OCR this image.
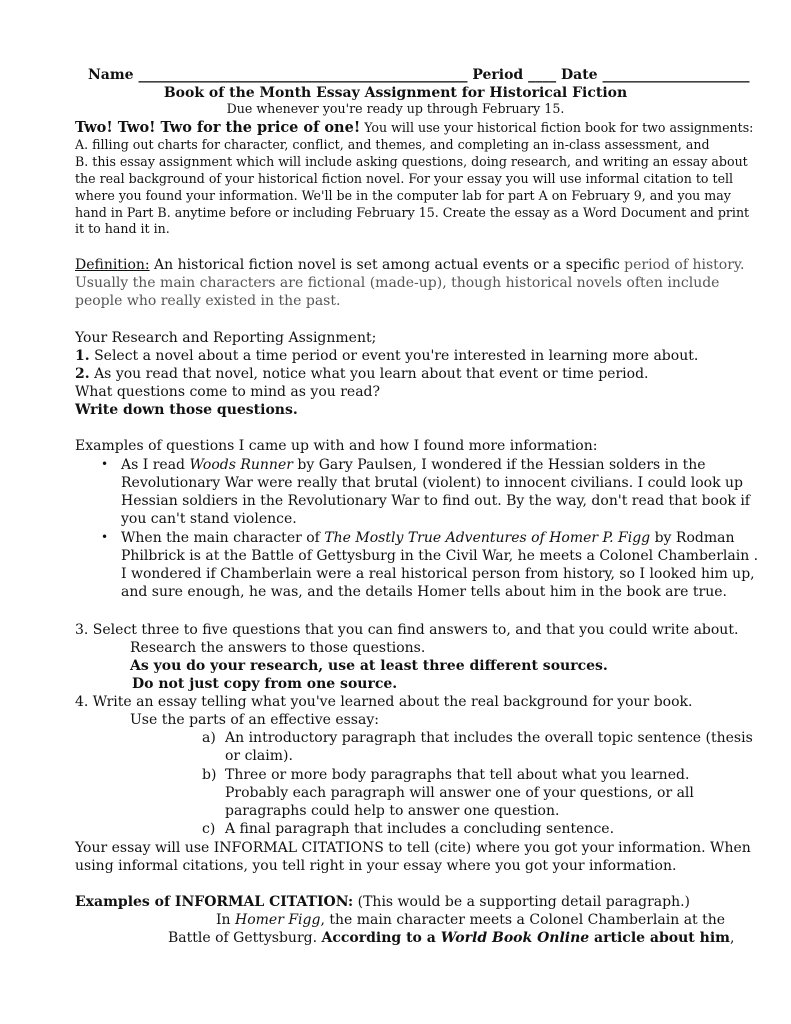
Name _______________________________________________ Period ____ Date _____________________
Book of the Month Essay Assignment for Historical Fiction
Due whenever you're ready up through February 15.
Two! Two! Two for the price of one! You will use your historical fiction book for two assignments:
A. filling out charts for character, conflict, and themes, and completing an in-class assessment, and
B. this essay assignment which will include asking questions, doing research, and writing an essay about
the real background of your historical fiction novel. For your essay you will use informal citation to tell
where you found your information. We'll be in the computer lab for part A on February 9, and you may
hand in Part B. anytime before or including February 15. Create the essay as a Word Document and print
it to hand it in.
Definition: An historical fiction novel is set among actual events or a specific period of history.
Usually the main characters are fictional (made-up), though historical novels often include
people who really existed in the past.
Your Research and Reporting Assignment;
1. Select a novel about a time period or event you're interested in learning more about.
2. As you read that novel, notice what you learn about that event or time period.
What questions come to mind as you read?
Write down those questions.
Examples of questions I came up with and how I found more information:
• As I read Woods Runner by Gary Paulsen, I wondered if the Hessian solders in the
Revolutionary War were really that brutal (violent) to innocent civilians. I could look up
Hessian soldiers in the Revolutionary War to find out. By the way, don't read that book if
you can't stand violence.
• When the main character of The Mostly True Adventures of Homer P. Figg by Rodman
Philbrick is at the Battle of Gettysburg in the Civil War, he meets a Colonel Chamberlain .
I wondered if Chamberlain were a real historical person from history, so I looked him up,
and sure enough, he was, and the details Homer tells about him in the book are true.
3. Select three to five questions that you can find answers to, and that you could write about.
Research the answers to those questions.
As you do your research, use at least three different sources.
Do not just copy from one source.
4. Write an essay telling what you've learned about the real background for your book.
Use the parts of an effective essay:
a) An introductory paragraph that includes the overall topic sentence (thesis
or claim).
b) Three or more body paragraphs that tell about what you learned.
Probably each paragraph will answer one of your questions, or all
paragraphs could help to answer one question.
c) A final paragraph that includes a concluding sentence.
Your essay will use INFORMAL CITATIONS to tell (cite) where you got your information. When
using informal citations, you tell right in your essay where you got your information.
Examples of INFORMAL CITATION: (This would be a supporting detail paragraph.)
In Homer Figg, the main character meets a Colonel Chamberlain at the
Battle of Gettysburg. According to a World Book Online article about him,
